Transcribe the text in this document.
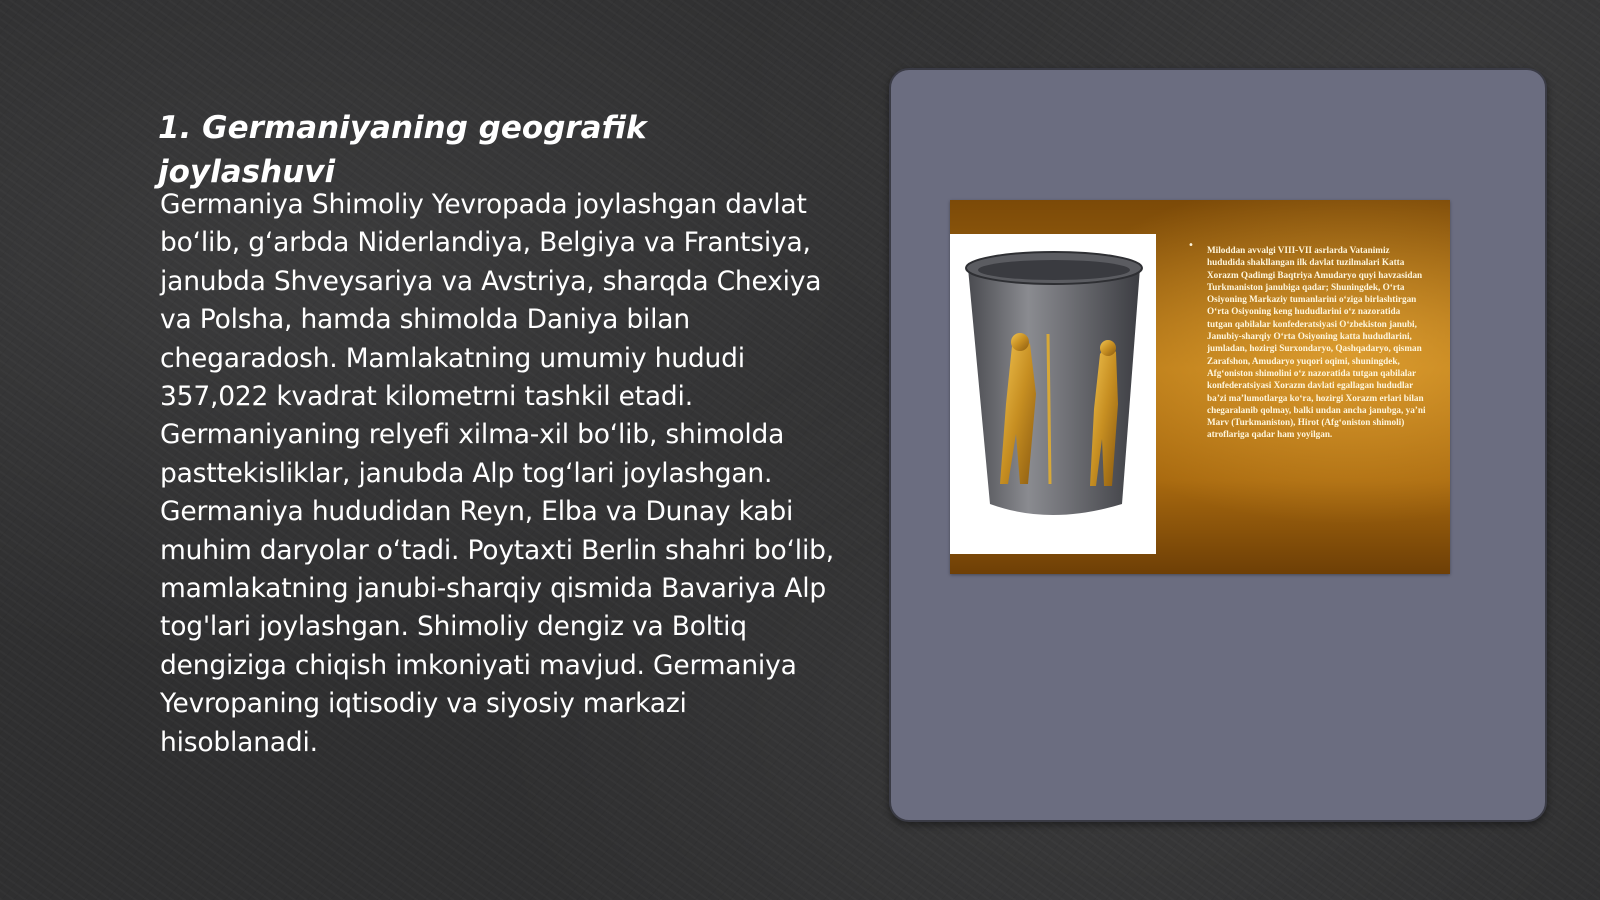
1. Germaniyaning geografik joylashuvi

Germaniya Shimoliy Yevropada joylashgan davlat bo‘lib, g‘arbda Niderlandiya, Belgiya va Frantsiya, janubda Shveysariya va Avstriya, sharqda Chexiya va Polsha, hamda shimolda Daniya bilan chegaradosh. Mamlakatning umumiy hududi 357,022 kvadrat kilometrni tashkil etadi. Germaniyaning relyefi xilma-xil bo‘lib, shimolda pasttekisliklar, janubda Alp tog‘lari joylashgan. Germaniya hududidan Reyn, Elba va Dunay kabi muhim daryolar o‘tadi. Poytaxti Berlin shahri bo‘lib, mamlakatning janubi-sharqiy qismida Bavariya Alp tog'lari joylashgan. Shimoliy dengiz va Boltiq dengiziga chiqish imkoniyati mavjud. Germaniya Yevropaning iqtisodiy va siyosiy markazi hisoblanadi.

• Miloddan avvalgi VIII-VII asrlarda Vatanimiz hududida shakllangan ilk davlat tuzilmalari Katta Xorazm Qadimgi Baqtriya Amudaryo quyi havzasidan Turkmaniston janubiga qadar; Shuningdek, O‘rta Osiyoning Markaziy tumanlarini o‘ziga birlashtirgan O‘rta Osiyoning keng hududlarini o‘z nazoratida tutgan qabilalar konfederatsiyasi O‘zbekiston janubi, Janubiy-sharqiy O‘rta Osiyoning katta hududlarini, jumladan, hozirgi Surxondaryo, Qashqadaryo, qisman Zarafshon, Amudaryo yuqori oqimi, shuningdek, Afg‘oniston shimolini o‘z nazoratida tutgan qabilalar konfederatsiyasi Xorazm davlati egallagan hududlar ba’zi ma’lumotlarga ko‘ra, hozirgi Xorazm erlari bilan chegaralanib qolmay, balki undan ancha janubga, ya’ni Marv (Turkmaniston), Hirot (Afg‘oniston shimoli) atroflariga qadar ham yoyilgan.
